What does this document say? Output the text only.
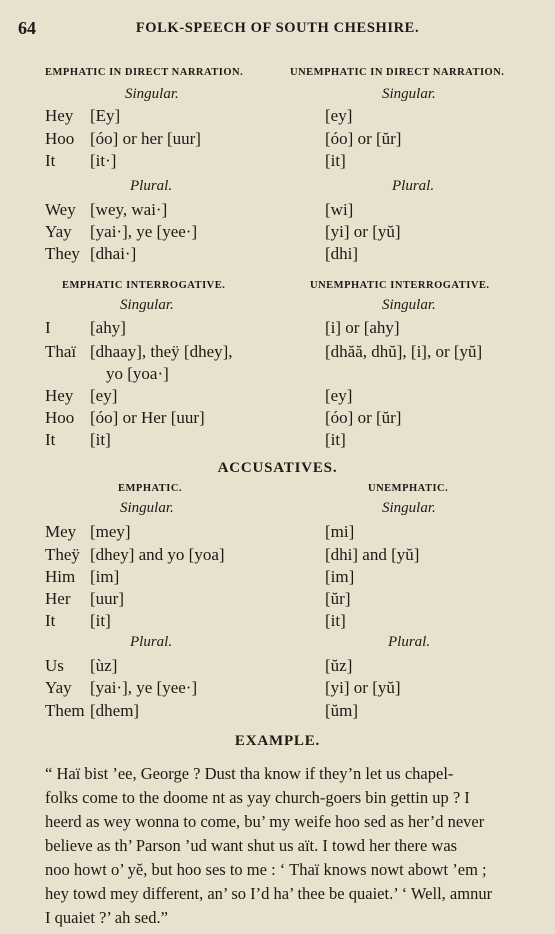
64	FOLK-SPEECH OF SOUTH CHESHIRE.
EMPHATIC IN DIRECT NARRATION.	UNEMPHATIC IN DIRECT NARRATION.
Singular.	Singular.
Hey [Ey]	[ey]
Hoo [óo] or her [uur]	[óo] or [ŭr]
It [it·]	[it]
Plural.	Plural.
Wey [wey, wai·]	[wi]
Yay [yai·], ye [yee·]	[yi] or [yŭ]
They [dhai·]	[dhi]
EMPHATIC INTERROGATIVE.	UNEMPHATIC INTERROGATIVE.
Singular.	Singular.
I [ahy]	[i] or [ahy]
Thaï [dhaay], theÿ [dhey],	[dhăă, dhŭ], [i], or [yŭ]
yo [yoa·]
Hey [ey]	[ey]
Hoo [óo] or Her [uur]	[óo] or [ŭr]
It [it]	[it]
ACCUSATIVES.
EMPHATIC.	UNEMPHATIC.
Singular.	Singular.
Mey [mey]	[mi]
Theÿ [dhey] and yo [yoa]	[dhi] and [yŭ]
Him [im]	[im]
Her [uur]	[ŭr]
It [it]	[it]
Plural.	Plural.
Us [ùz]	[ŭz]
Yay [yai·], ye [yee·]	[yi] or [yŭ]
Them [dhem]	[ŭm]
EXAMPLE.
“ Haï bist ’ee, George ? Dust tha know if they’n let us chapel-
folks come to the doome nt as yay church-goers bin gettin up ? I
heerd as wey wonna to come, bu’ my weife hoo sed as her’d never
believe as th’ Parson ’ud want shut us aït. I towd her there was
noo howt o’ yĕ, but hoo ses to me : ‘ Thaï knows nowt abowt ’em ;
hey towd mey different, an’ so I’d ha’ thee be quaiet.’ ‘ Well, amnur
I quaiet ?’ ah sed.”
